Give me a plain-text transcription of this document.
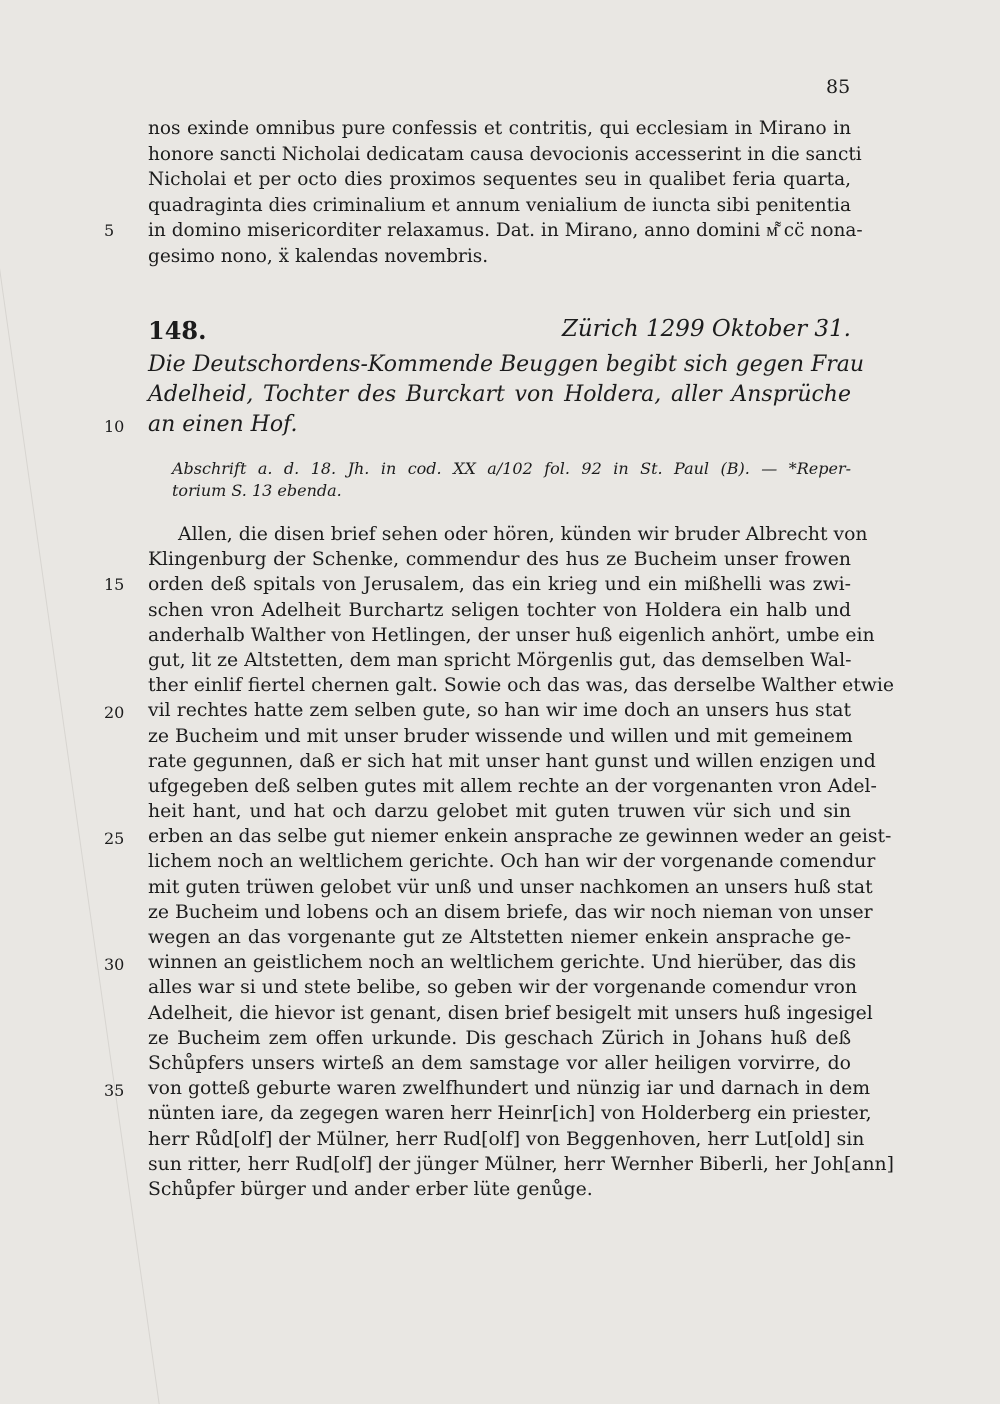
85
nos exinde omnibus pure confessis et contritis, qui ecclesiam in Mirano in
honore sancti Nicholai dedicatam causa devocionis accesserint in die sancti
Nicholai et per octo dies proximos sequentes seu in qualibet feria quarta,
quadraginta dies criminalium et annum venialium de iuncta sibi penitentia
in domino misericorditer relaxamus. Dat. in Mirano, anno domini ᴍ͌ cc̈ nona-
gesimo nono, ẍ kalendas novembris.
5
148.	Zürich 1299 Oktober 31.
Die Deutschordens-Kommende Beuggen begibt sich gegen Frau
Adelheid, Tochter des Burckart von Holdera, aller Ansprüche
an einen Hof.
10
Abschrift a. d. 18. Jh. in cod. XX a/102 fol. 92 in St. Paul (B). — *Reper-
torium S. 13 ebenda.
Allen, die disen brief sehen oder hören, künden wir bruder Albrecht von
Klingenburg der Schenke, commendur des hus ze Bucheim unser frowen
orden deß spitals von Jerusalem, das ein krieg und ein mißhelli was zwi-
schen vron Adelheit Burchartz seligen tochter von Holdera ein halb und
anderhalb Walther von Hetlingen, der unser huß eigenlich anhört, umbe ein
gut, lit ze Altstetten, dem man spricht Mörgenlis gut, das demselben Wal-
ther einlif fiertel chernen galt. Sowie och das was, das derselbe Walther etwie
vil rechtes hatte zem selben gute, so han wir ime doch an unsers hus stat
ze Bucheim und mit unser bruder wissende und willen und mit gemeinem
rate gegunnen, daß er sich hat mit unser hant gunst und willen enzigen und
ufgegeben deß selben gutes mit allem rechte an der vorgenanten vron Adel-
heit hant, und hat och darzu gelobet mit guten truwen vür sich und sin
erben an das selbe gut niemer enkein ansprache ze gewinnen weder an geist-
lichem noch an weltlichem gerichte. Och han wir der vorgenande comendur
mit guten trüwen gelobet vür unß und unser nachkomen an unsers huß stat
ze Bucheim und lobens och an disem briefe, das wir noch nieman von unser
wegen an das vorgenante gut ze Altstetten niemer enkein ansprache ge-
winnen an geistlichem noch an weltlichem gerichte. Und hierüber, das dis
alles war si und stete belibe, so geben wir der vorgenande comendur vron
Adelheit, die hievor ist genant, disen brief besigelt mit unsers huß ingesigel
ze Bucheim zem offen urkunde. Dis geschach Zürich in Johans huß deß
Schůpfers unsers wirteß an dem samstage vor aller heiligen vorvirre, do
von gotteß geburte waren zwelfhundert und nünzig iar und darnach in dem
nünten iare, da zegegen waren herr Heinr[ich] von Holderberg ein priester,
herr Růd[olf] der Mülner, herr Rud[olf] von Beggenhoven, herr Lut[old] sin
sun ritter, herr Rud[olf] der jünger Mülner, herr Wernher Biberli, her Joh[ann]
Schůpfer bürger und ander erber lüte genůge.
15
20
25
30
35
